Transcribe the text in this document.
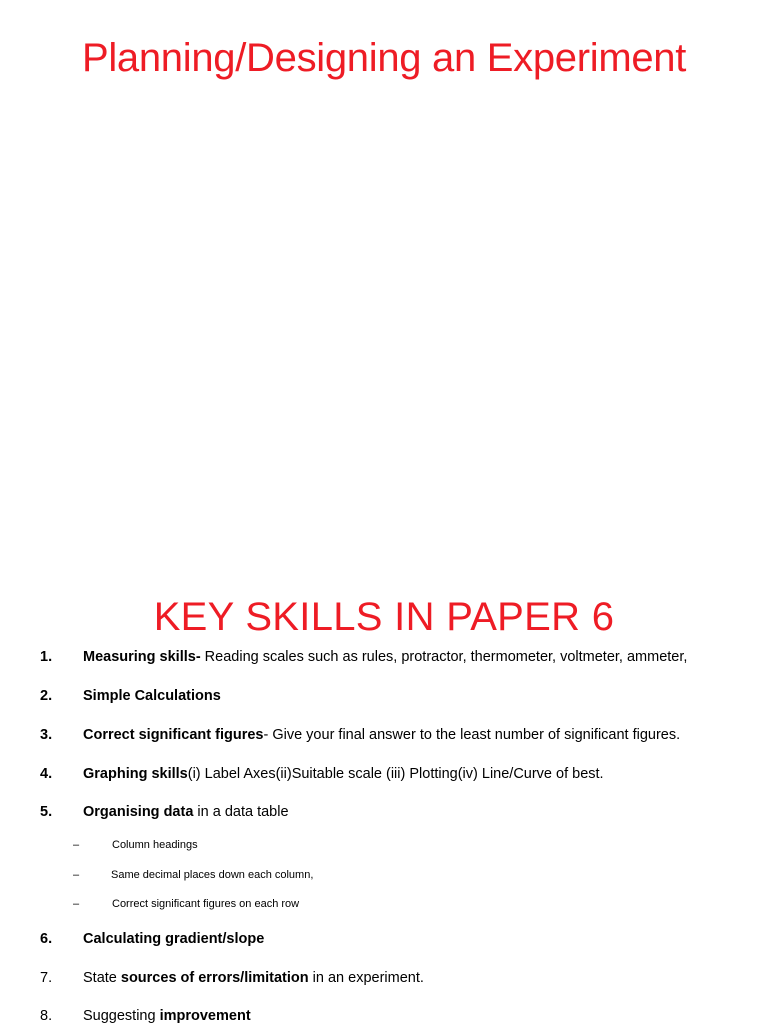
Planning/Designing an Experiment
KEY SKILLS IN PAPER 6
1. Measuring skills- Reading scales such as rules, protractor, thermometer, voltmeter, ammeter,
2. Simple Calculations
3. Correct significant figures- Give your final answer to the least number of significant figures.
4. Graphing skills(i) Label Axes(ii)Suitable scale (iii) Plotting(iv) Line/Curve of best.
5. Organising data in a data table
–	Column headings
–	Same decimal places down each column,
–	Correct significant figures on each row
6. Calculating gradient/slope
7. State sources of errors/limitation in an experiment.
8. Suggesting improvement
